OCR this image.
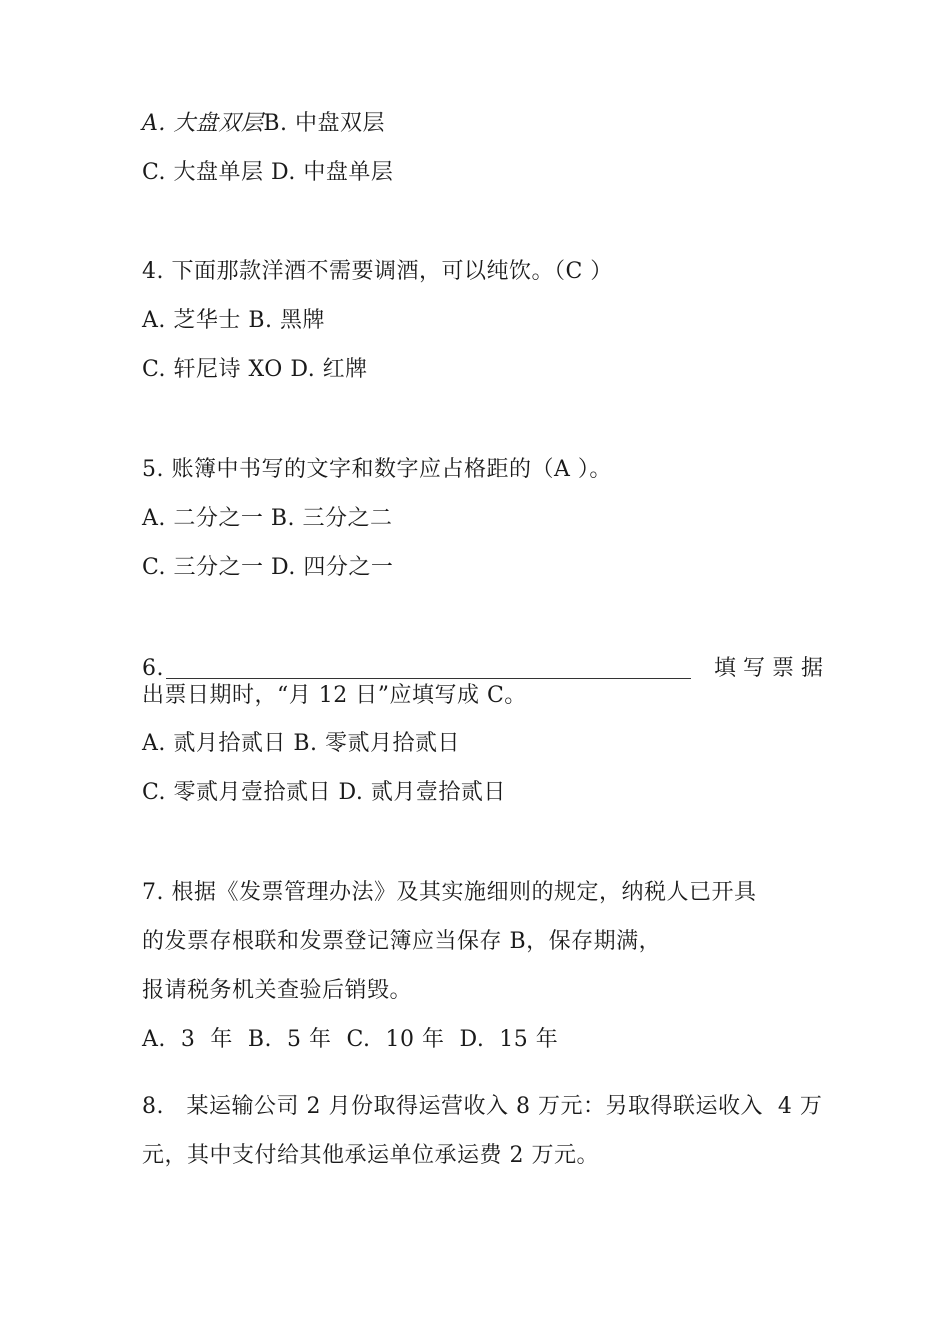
A. 大盘双层B. 中盘双层
C. 大盘单层 D. 中盘单层
4. 下面那款洋酒不需要调酒，可以纯饮。（C ）
A. 芝华士 B. 黑牌
C. 轩尼诗 XO D. 红牌
5. 账簿中书写的文字和数字应占格距的（A ）。
A. 二分之一 B. 三分之二
C. 三分之一 D. 四分之一
6.	填写票据
出票日期时，“月 12 日”应填写成 C。
A. 贰月拾贰日 B. 零贰月拾贰日
C. 零贰月壹拾贰日 D. 贰月壹拾贰日
7. 根据《发票管理办法》及其实施细则的规定，纳税人已开具
的发票存根联和发票登记簿应当保存 B，保存期满，
报请税务机关查验后销毁。
A.  3  年  B.  5 年  C.  10 年  D.  15 年
8.   某运输公司 2 月份取得运营收入 8 万元：另取得联运收入  4 万
元，其中支付给其他承运单位承运费 2 万元。
